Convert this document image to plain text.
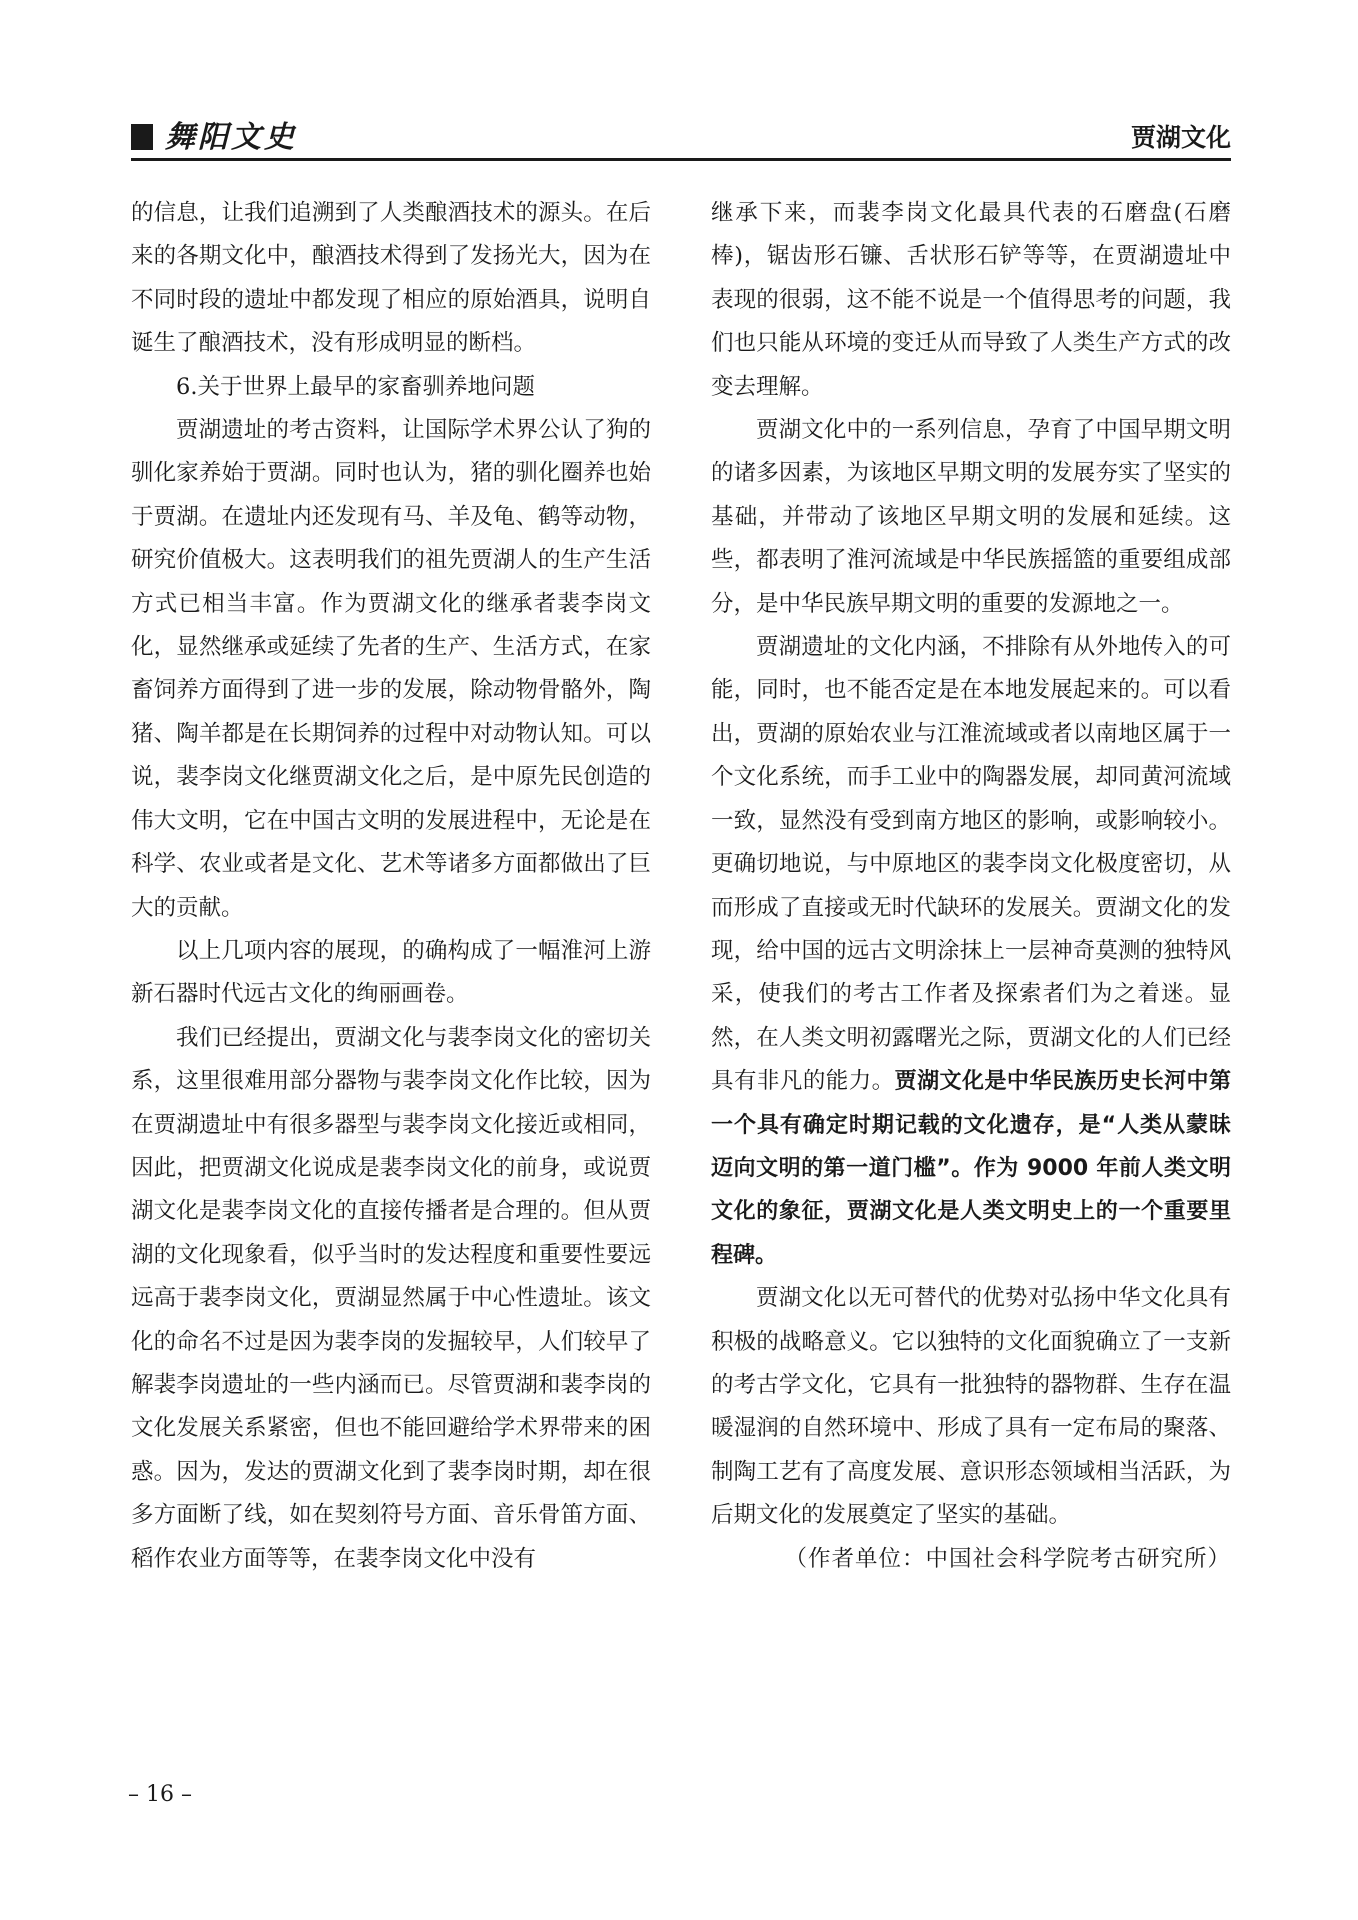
舞阳文史	贾湖文化

的信息，让我们追溯到了人类酿酒技术的源头。在后来的各期文化中，酿酒技术得到了发扬光大，因为在不同时段的遗址中都发现了相应的原始酒具，说明自诞生了酿酒技术，没有形成明显的断档。

6.关于世界上最早的家畜驯养地问题

贾湖遗址的考古资料，让国际学术界公认了狗的驯化家养始于贾湖。同时也认为，猪的驯化圈养也始于贾湖。在遗址内还发现有马、羊及龟、鹤等动物，研究价值极大。这表明我们的祖先贾湖人的生产生活方式已相当丰富。作为贾湖文化的继承者裴李岗文化，显然继承或延续了先者的生产、生活方式，在家畜饲养方面得到了进一步的发展，除动物骨骼外，陶猪、陶羊都是在长期饲养的过程中对动物认知。可以说，裴李岗文化继贾湖文化之后，是中原先民创造的伟大文明，它在中国古文明的发展进程中，无论是在科学、农业或者是文化、艺术等诸多方面都做出了巨大的贡献。

以上几项内容的展现，的确构成了一幅淮河上游新石器时代远古文化的绚丽画卷。

我们已经提出，贾湖文化与裴李岗文化的密切关系，这里很难用部分器物与裴李岗文化作比较，因为在贾湖遗址中有很多器型与裴李岗文化接近或相同，因此，把贾湖文化说成是裴李岗文化的前身，或说贾湖文化是裴李岗文化的直接传播者是合理的。但从贾湖的文化现象看，似乎当时的发达程度和重要性要远远高于裴李岗文化，贾湖显然属于中心性遗址。该文化的命名不过是因为裴李岗的发掘较早，人们较早了解裴李岗遗址的一些内涵而已。尽管贾湖和裴李岗的文化发展关系紧密，但也不能回避给学术界带来的困惑。因为，发达的贾湖文化到了裴李岗时期，却在很多方面断了线，如在契刻符号方面、音乐骨笛方面、稻作农业方面等等，在裴李岗文化中没有

继承下来，而裴李岗文化最具代表的石磨盘(石磨棒)，锯齿形石镰、舌状形石铲等等，在贾湖遗址中表现的很弱，这不能不说是一个值得思考的问题，我们也只能从环境的变迁从而导致了人类生产方式的改变去理解。

贾湖文化中的一系列信息，孕育了中国早期文明的诸多因素，为该地区早期文明的发展夯实了坚实的基础，并带动了该地区早期文明的发展和延续。这些，都表明了淮河流域是中华民族摇篮的重要组成部分，是中华民族早期文明的重要的发源地之一。

贾湖遗址的文化内涵，不排除有从外地传入的可能，同时，也不能否定是在本地发展起来的。可以看出，贾湖的原始农业与江淮流域或者以南地区属于一个文化系统，而手工业中的陶器发展，却同黄河流域一致，显然没有受到南方地区的影响，或影响较小。更确切地说，与中原地区的裴李岗文化极度密切，从而形成了直接或无时代缺环的发展关。贾湖文化的发现，给中国的远古文明涂抹上一层神奇莫测的独特风采，使我们的考古工作者及探索者们为之着迷。显然，在人类文明初露曙光之际，贾湖文化的人们已经具有非凡的能力。贾湖文化是中华民族历史长河中第一个具有确定时期记载的文化遗存，是“人类从蒙昧迈向文明的第一道门槛”。作为 9000 年前人类文明文化的象征，贾湖文化是人类文明史上的一个重要里程碑。

贾湖文化以无可替代的优势对弘扬中华文化具有积极的战略意义。它以独特的文化面貌确立了一支新的考古学文化，它具有一批独特的器物群、生存在温暖湿润的自然环境中、形成了具有一定布局的聚落、制陶工艺有了高度发展、意识形态领域相当活跃，为后期文化的发展奠定了坚实的基础。

（作者单位：中国社会科学院考古研究所）

– 16 –
